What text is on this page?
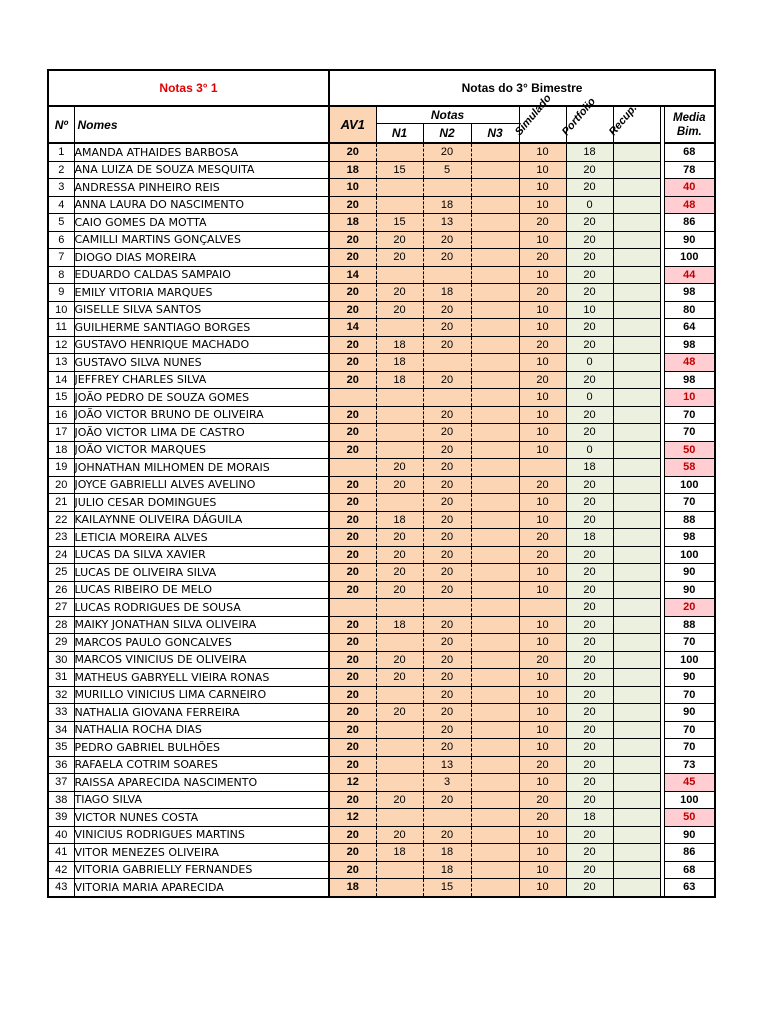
Notas 3° 1		Notas do 3° Bimestre								
Nº	Nomes	AV1	Notas			Simulado	Portfolio	Recup.		Media
Bim.
			N1	N2	N3					
1	AMANDA ATHAIDES BARBOSA	20		20		10	18			68
2	ANA LUIZA DE SOUZA MESQUITA	18	15	5		10	20			78
3	ANDRESSA PINHEIRO REIS	10				10	20			40
4	ANNA LAURA DO NASCIMENTO	20		18		10	0			48
5	CAIO GOMES DA MOTTA	18	15	13		20	20			86
6	CAMILLI MARTINS GONÇALVES	20	20	20		10	20			90
7	DIOGO DIAS MOREIRA	20	20	20		20	20			100
8	EDUARDO CALDAS SAMPAIO	14				10	20			44
9	EMILY VITORIA MARQUES	20	20	18		20	20			98
10	GISELLE SILVA SANTOS	20	20	20		10	10			80
11	GUILHERME SANTIAGO BORGES	14		20		10	20			64
12	GUSTAVO HENRIQUE MACHADO	20	18	20		20	20			98
13	GUSTAVO SILVA NUNES	20	18			10	0			48
14	JEFFREY CHARLES SILVA	20	18	20		20	20			98
15	JOÃO PEDRO DE SOUZA GOMES					10	0			10
16	JOÃO VICTOR BRUNO DE OLIVEIRA	20		20		10	20			70
17	JOÃO VICTOR LIMA DE CASTRO	20		20		10	20			70
18	JOÃO VICTOR MARQUES	20		20		10	0			50
19	JOHNATHAN MILHOMEN DE MORAIS		20	20			18			58
20	JOYCE GABRIELLI ALVES AVELINO	20	20	20		20	20			100
21	JULIO CESAR DOMINGUES	20		20		10	20			70
22	KAILAYNNE OLIVEIRA DÁGUILA	20	18	20		10	20			88
23	LETICIA MOREIRA ALVES	20	20	20		20	18			98
24	LUCAS DA SILVA XAVIER	20	20	20		20	20			100
25	LUCAS DE OLIVEIRA SILVA	20	20	20		10	20			90
26	LUCAS RIBEIRO DE MELO	20	20	20		10	20			90
27	LUCAS RODRIGUES DE SOUSA						20			20
28	MAIKY JONATHAN SILVA OLIVEIRA	20	18	20		10	20			88
29	MARCOS PAULO GONCALVES	20		20		10	20			70
30	MARCOS VINICIUS DE OLIVEIRA	20	20	20		20	20			100
31	MATHEUS GABRYELL VIEIRA RONAS	20	20	20		10	20			90
32	MURILLO VINICIUS LIMA CARNEIRO	20		20		10	20			70
33	NATHALIA GIOVANA FERREIRA	20	20	20		10	20			90
34	NATHALIA ROCHA DIAS	20		20		10	20			70
35	PEDRO GABRIEL BULHÕES	20		20		10	20			70
36	RAFAELA COTRIM SOARES	20		13		20	20			73
37	RAISSA APARECIDA NASCIMENTO	12		3		10	20			45
38	TIAGO SILVA	20	20	20		20	20			100
39	VICTOR NUNES COSTA	12				20	18			50
40	VINICIUS RODRIGUES MARTINS	20	20	20		10	20			90
41	VITOR MENEZES OLIVEIRA	20	18	18		10	20			86
42	VITORIA GABRIELLY FERNANDES	20		18		10	20			68
43	VITORIA MARIA APARECIDA	18		15		10	20			63
